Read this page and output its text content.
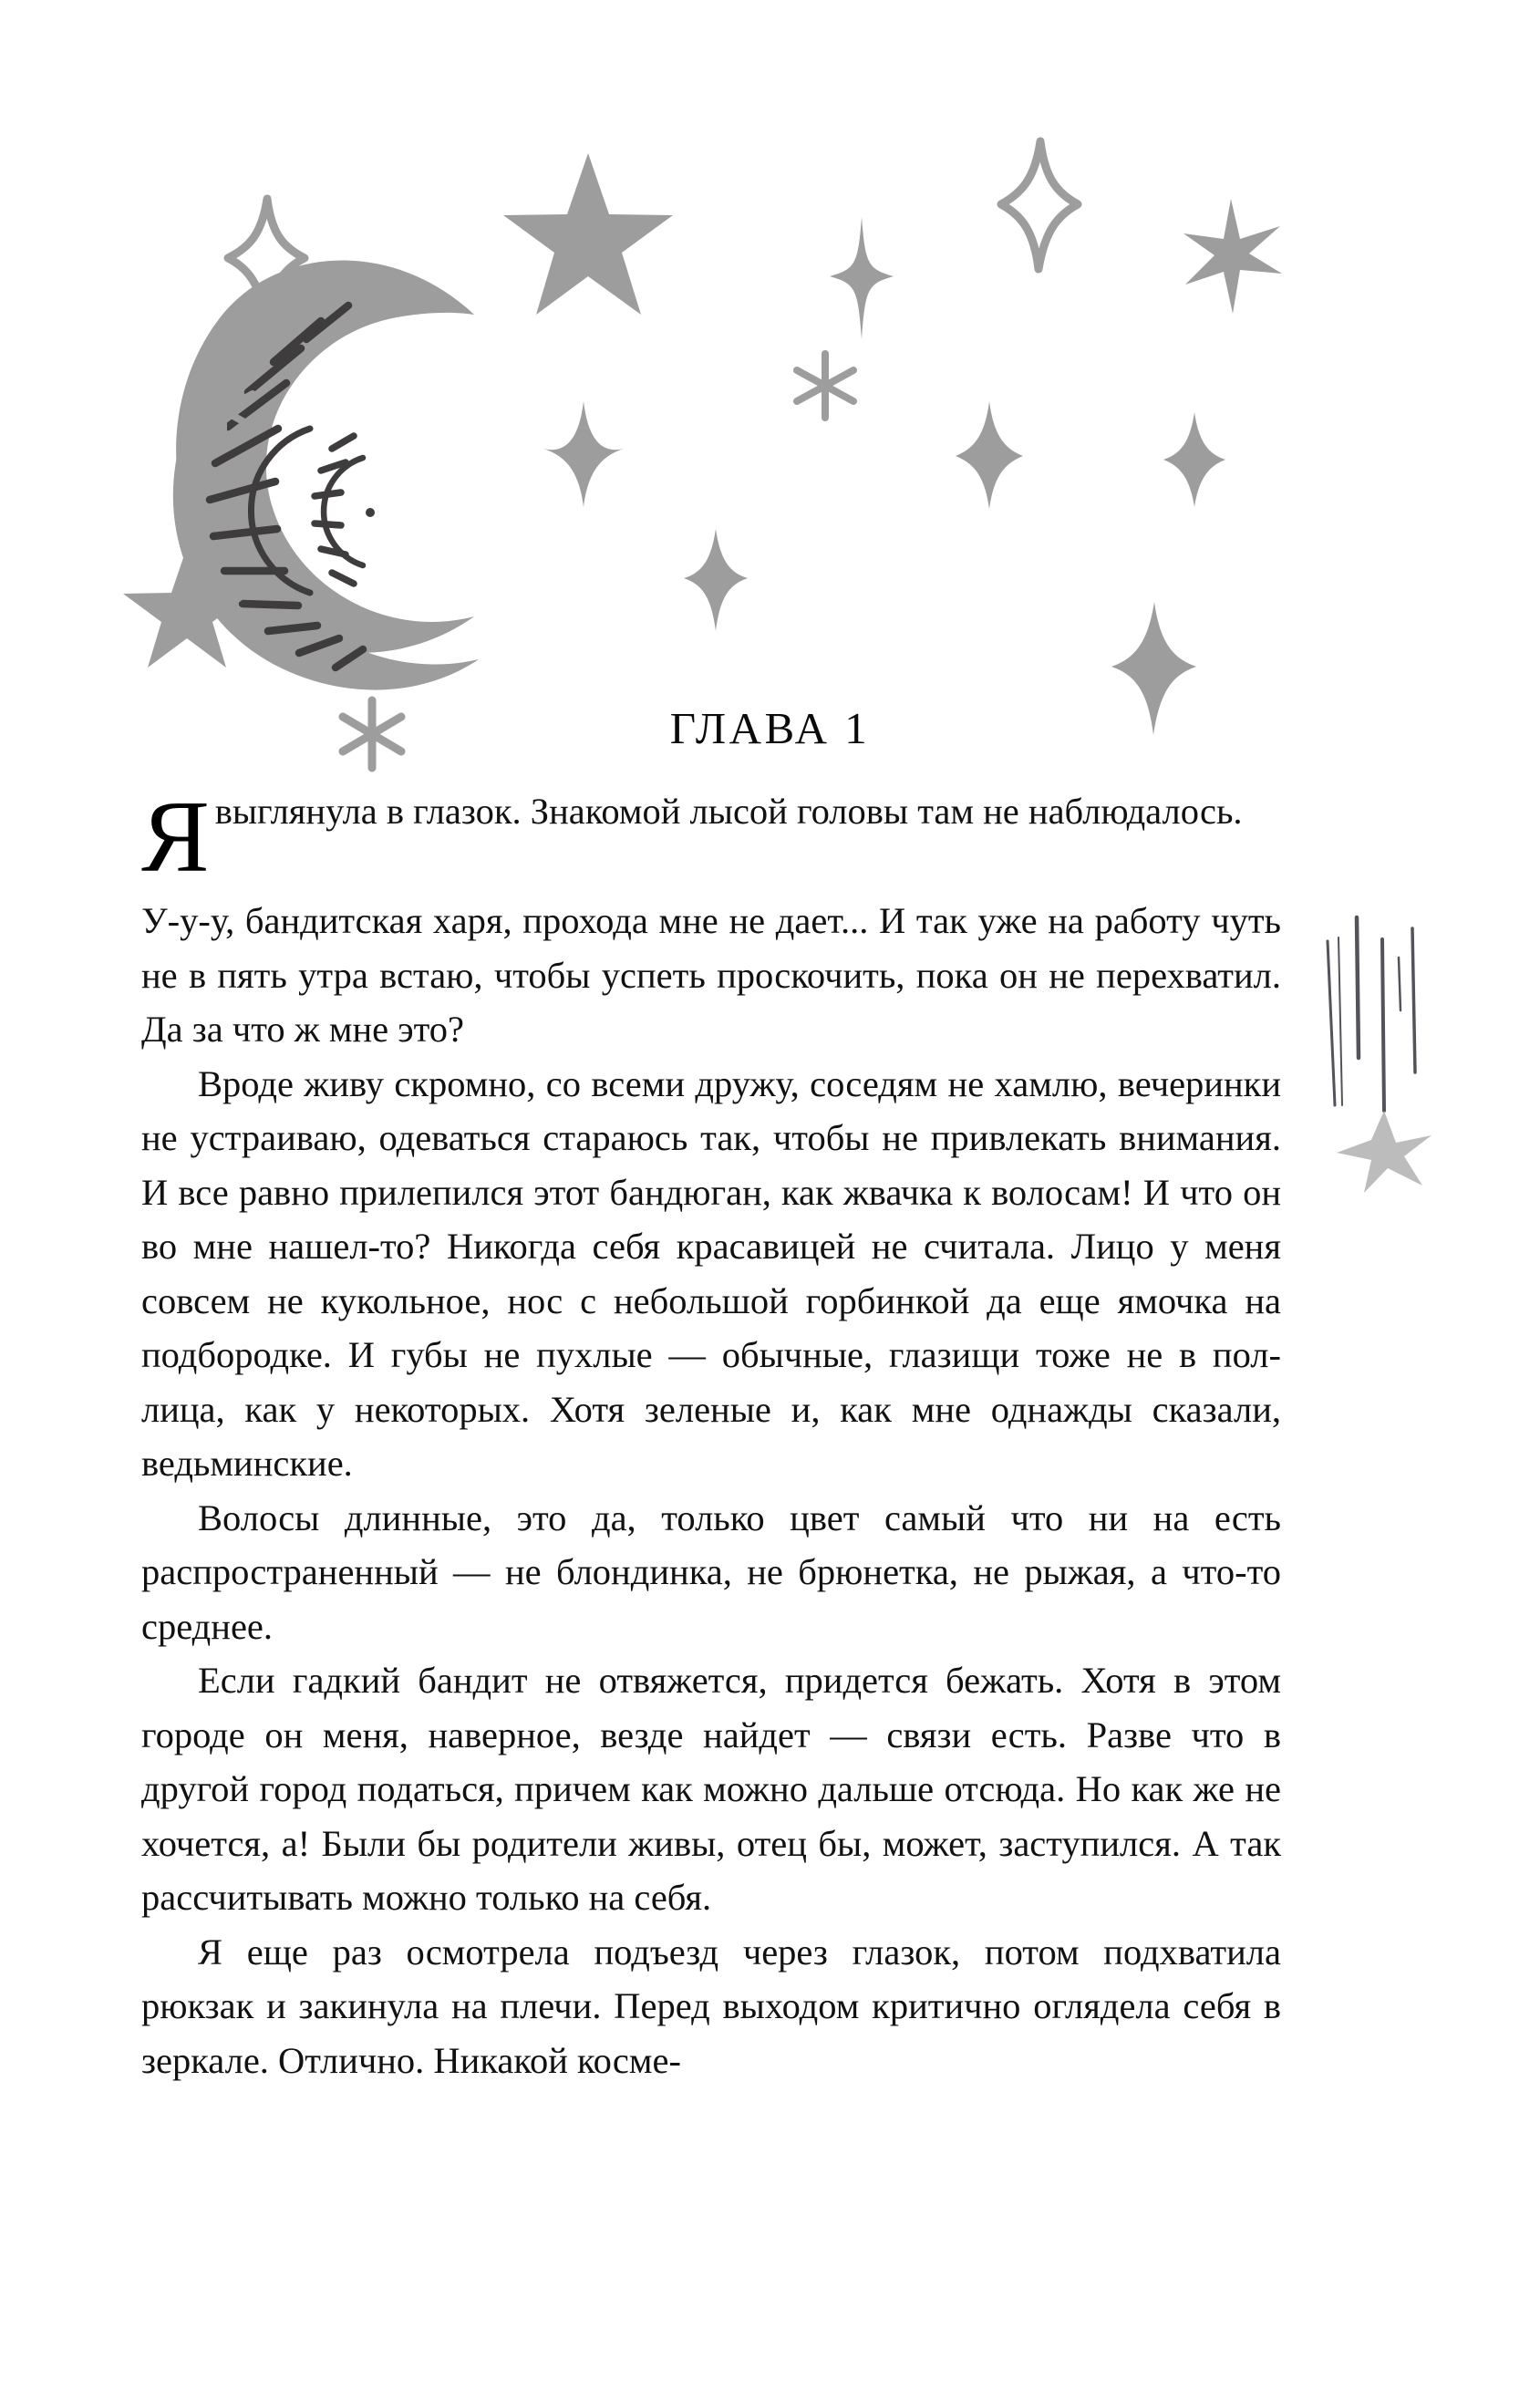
ГЛАВА 1

Явыглянула в глазок. Знакомой лысой головы там не наблюдалось.

У-у-у, бандитская харя, прохода мне не дает... И так уже на работу чуть не в пять утра встаю, чтобы успеть проскочить, пока он не перехватил. Да за что ж мне это?

Вроде живу скромно, со всеми дружу, соседям не хамлю, вечеринки не устраиваю, одеваться стараюсь так, чтобы не привлекать внимания. И все равно прилепился этот бандюган, как жвачка к волосам! И что он во мне нашел-то? Никогда себя красавицей не считала. Лицо у меня совсем не кукольное, нос с небольшой горбинкой да еще ямочка на подбородке. И губы не пухлые — обычные, глазищи тоже не в пол-лица, как у некоторых. Хотя зеленые и, как мне однажды сказали, ведьминские.

Волосы длинные, это да, только цвет самый что ни на есть распространенный — не блондинка, не брюнетка, не рыжая, а что-то среднее.

Если гадкий бандит не отвяжется, придется бежать. Хотя в этом городе он меня, наверное, везде найдет — связи есть. Разве что в другой город податься, причем как можно дальше отсюда. Но как же не хочется, а! Были бы родители живы, отец бы, может, заступился. А так рассчитывать можно только на себя.

Я еще раз осмотрела подъезд через глазок, потом подхватила рюкзак и закинула на плечи. Перед выходом критично оглядела себя в зеркале. Отлично. Никакой косме-
